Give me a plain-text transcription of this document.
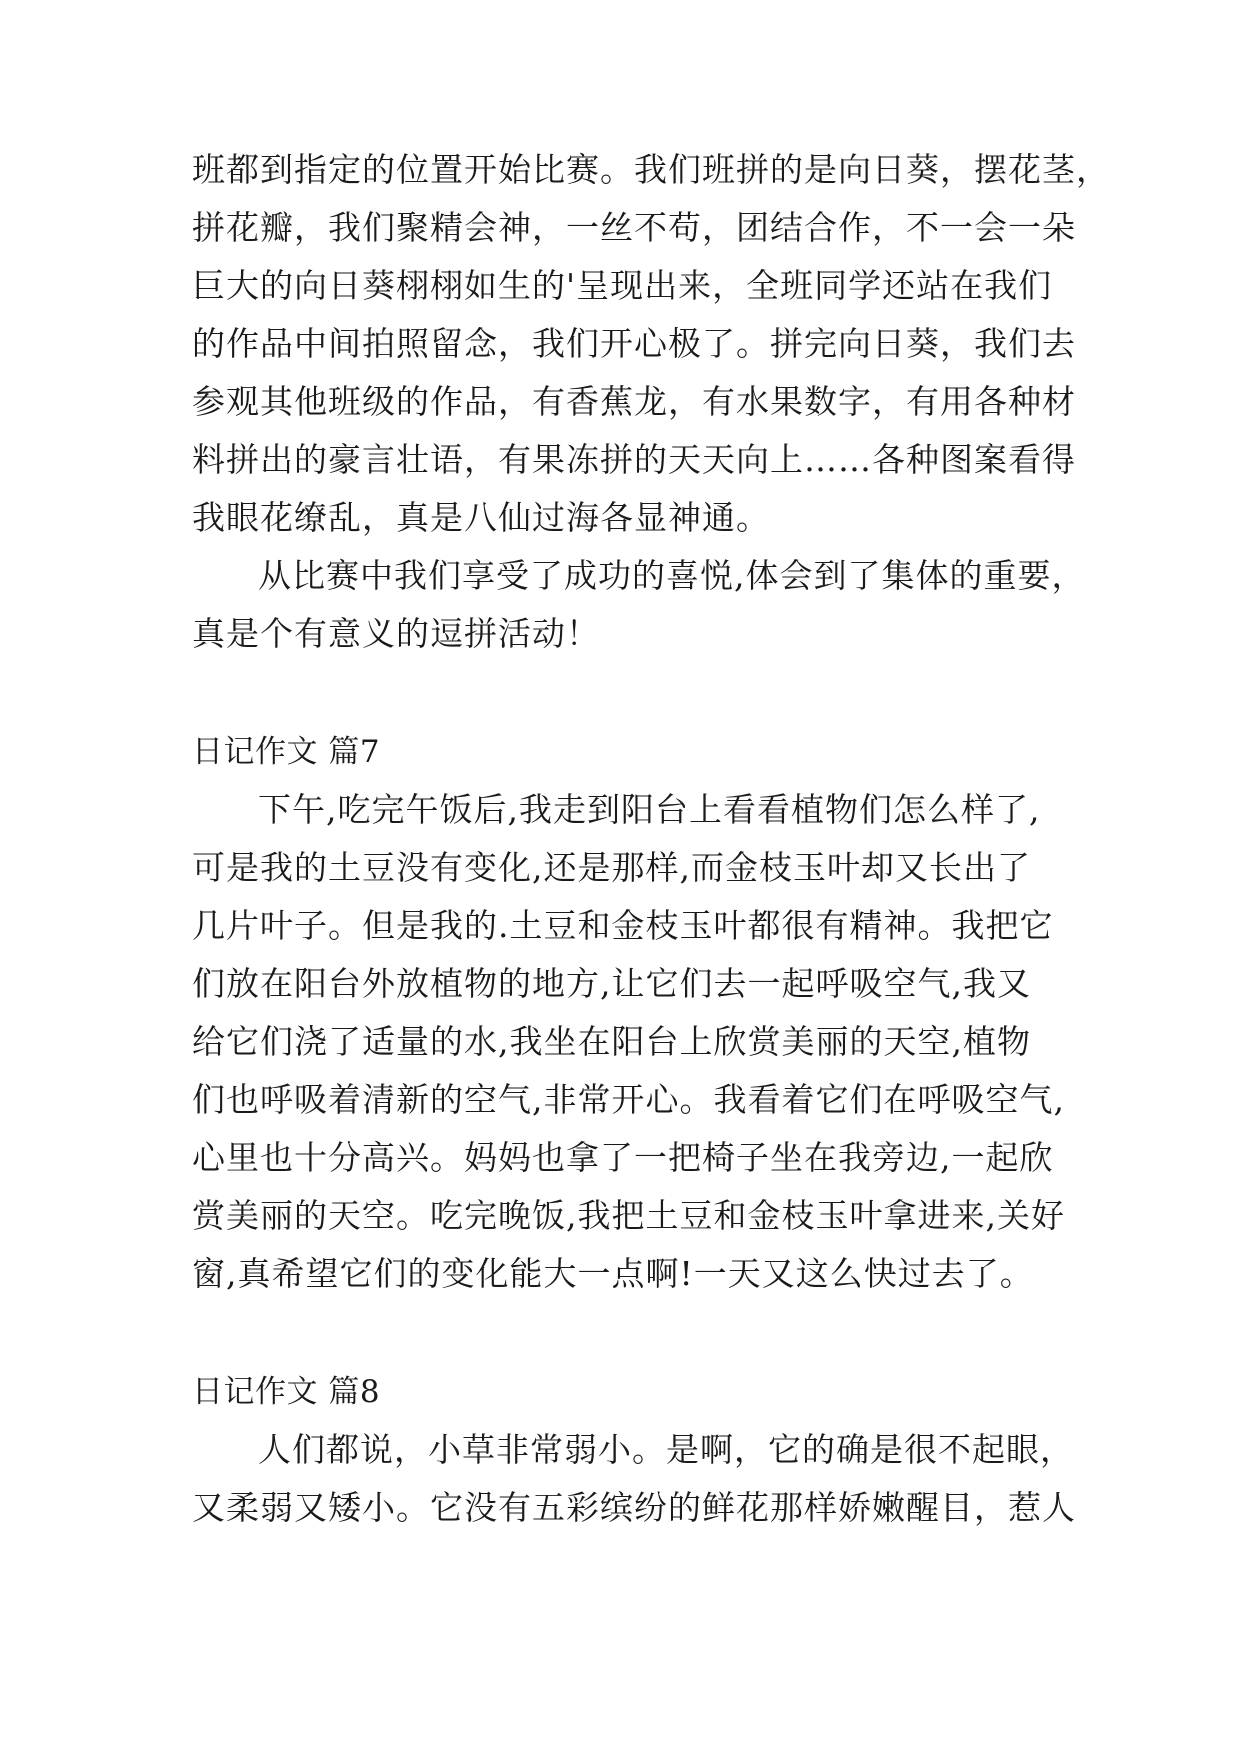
班都到指定的位置开始比赛。我们班拼的是向日葵，摆花茎，
拼花瓣，我们聚精会神，一丝不苟，团结合作，不一会一朵
巨大的向日葵栩栩如生的'呈现出来，全班同学还站在我们
的作品中间拍照留念，我们开心极了。拼完向日葵，我们去
参观其他班级的作品，有香蕉龙，有水果数字，有用各种材
料拼出的豪言壮语，有果冻拼的天天向上……各种图案看得
我眼花缭乱，真是八仙过海各显神通。
从比赛中我们享受了成功的喜悦,体会到了集体的重要，
真是个有意义的逗拼活动！
日记作文 篇7
下午,吃完午饭后,我走到阳台上看看植物们怎么样了,
可是我的土豆没有变化,还是那样,而金枝玉叶却又长出了
几片叶子。但是我的.土豆和金枝玉叶都很有精神。我把它
们放在阳台外放植物的地方,让它们去一起呼吸空气,我又
给它们浇了适量的水,我坐在阳台上欣赏美丽的天空,植物
们也呼吸着清新的空气,非常开心。我看着它们在呼吸空气,
心里也十分高兴。妈妈也拿了一把椅子坐在我旁边,一起欣
赏美丽的天空。吃完晚饭,我把土豆和金枝玉叶拿进来,关好
窗,真希望它们的变化能大一点啊!一天又这么快过去了。
日记作文 篇8
人们都说，小草非常弱小。是啊，它的确是很不起眼，
又柔弱又矮小。它没有五彩缤纷的鲜花那样娇嫩醒目，惹人
